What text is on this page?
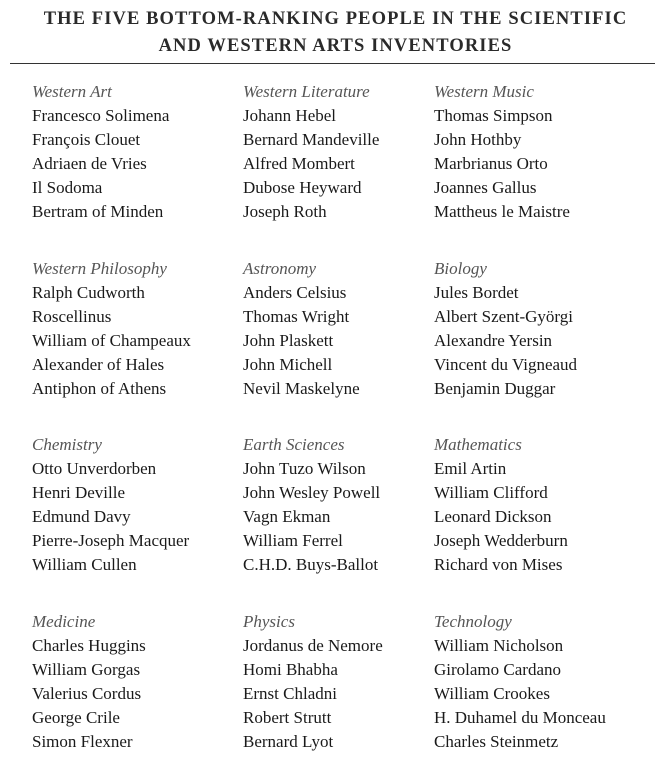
THE FIVE BOTTOM-RANKING PEOPLE IN THE SCIENTIFIC
AND WESTERN ARTS INVENTORIES
Western Art
Francesco Solimena
François Clouet
Adriaen de Vries
Il Sodoma
Bertram of Minden
Western Literature
Johann Hebel
Bernard Mandeville
Alfred Mombert
Dubose Heyward
Joseph Roth
Western Music
Thomas Simpson
John Hothby
Marbrianus Orto
Joannes Gallus
Mattheus le Maistre
Western Philosophy
Ralph Cudworth
Roscellinus
William of Champeaux
Alexander of Hales
Antiphon of Athens
Astronomy
Anders Celsius
Thomas Wright
John Plaskett
John Michell
Nevil Maskelyne
Biology
Jules Bordet
Albert Szent-Györgi
Alexandre Yersin
Vincent du Vigneaud
Benjamin Duggar
Chemistry
Otto Unverdorben
Henri Deville
Edmund Davy
Pierre-Joseph Macquer
William Cullen
Earth Sciences
John Tuzo Wilson
John Wesley Powell
Vagn Ekman
William Ferrel
C.H.D. Buys-Ballot
Mathematics
Emil Artin
William Clifford
Leonard Dickson
Joseph Wedderburn
Richard von Mises
Medicine
Charles Huggins
William Gorgas
Valerius Cordus
George Crile
Simon Flexner
Physics
Jordanus de Nemore
Homi Bhabha
Ernst Chladni
Robert Strutt
Bernard Lyot
Technology
William Nicholson
Girolamo Cardano
William Crookes
H. Duhamel du Monceau
Charles Steinmetz
